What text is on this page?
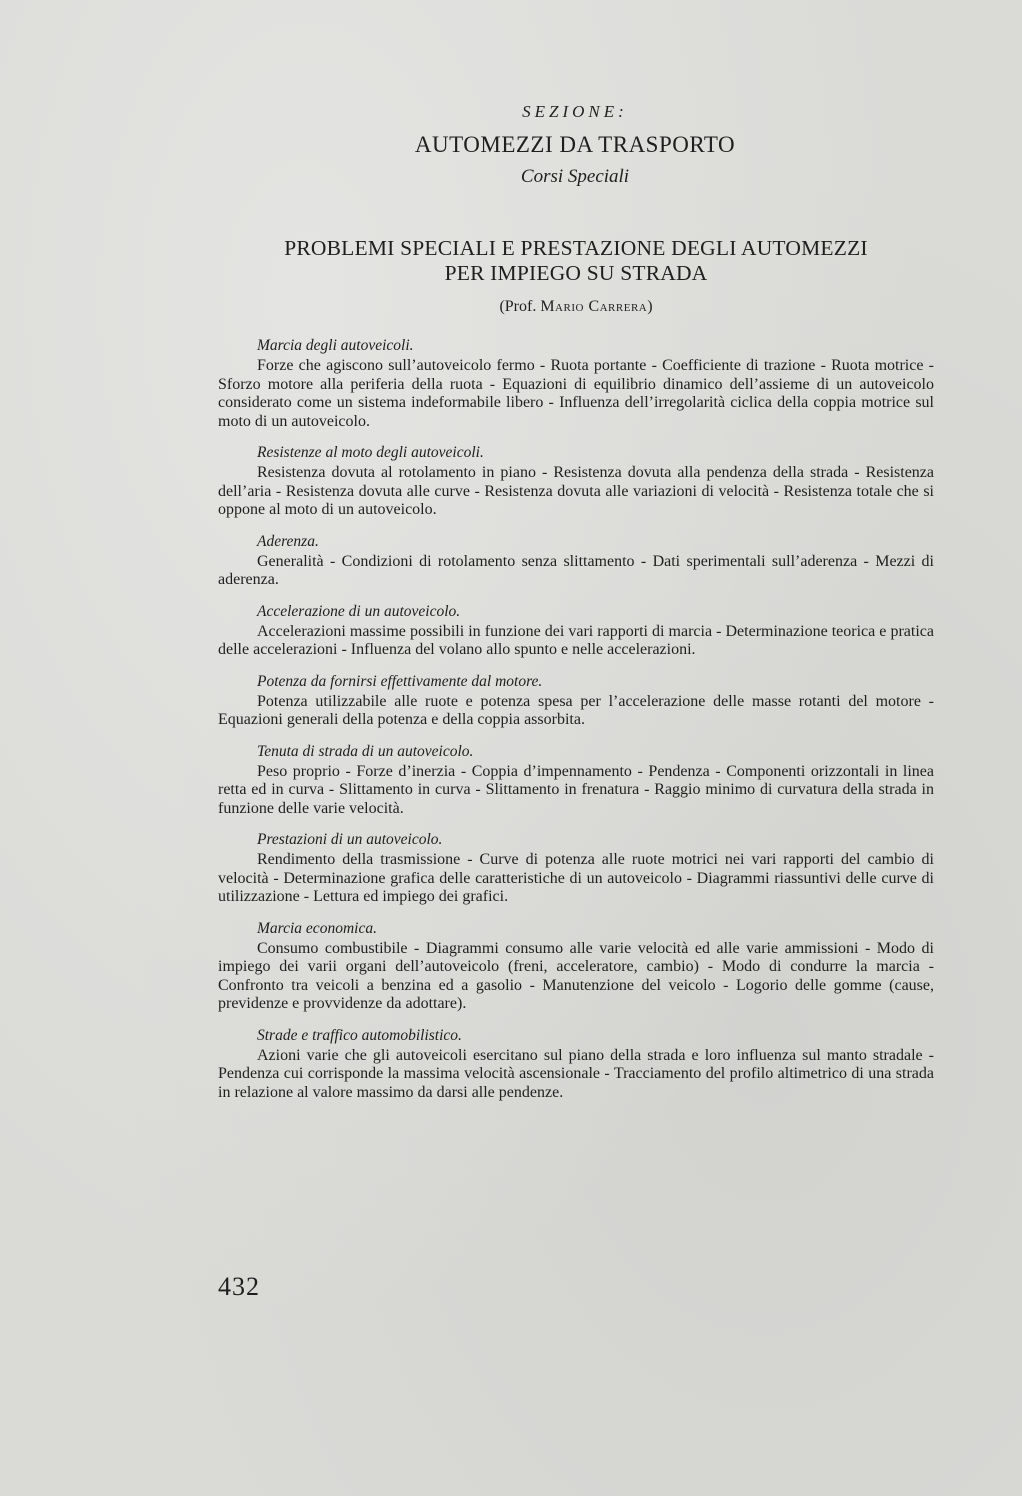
SEZIONE:
AUTOMEZZI DA TRASPORTO
Corsi Speciali
PROBLEMI SPECIALI E PRESTAZIONE DEGLI AUTOMEZZI
PER IMPIEGO SU STRADA
(Prof. Mario Carrera)
Marcia degli autoveicoli.
Forze che agiscono sull’autoveicolo fermo - Ruota portante - Coefficiente di trazione - Ruota motrice - Sforzo motore alla periferia della ruota - Equazioni di equilibrio dinamico dell’assieme di un autoveicolo considerato come un sistema indeformabile libero - Influenza dell’irregolarità ciclica della coppia motrice sul moto di un autoveicolo.
Resistenze al moto degli autoveicoli.
Resistenza dovuta al rotolamento in piano - Resistenza dovuta alla pendenza della strada - Resistenza dell’aria - Resistenza dovuta alle curve - Resistenza dovuta alle variazioni di velocità - Resistenza totale che si oppone al moto di un autoveicolo.
Aderenza.
Generalità - Condizioni di rotolamento senza slittamento - Dati sperimentali sull’aderenza - Mezzi di aderenza.
Accelerazione di un autoveicolo.
Accelerazioni massime possibili in funzione dei vari rapporti di marcia - Determinazione teorica e pratica delle accelerazioni - Influenza del volano allo spunto e nelle accelerazioni.
Potenza da fornirsi effettivamente dal motore.
Potenza utilizzabile alle ruote e potenza spesa per l’accelerazione delle masse rotanti del motore - Equazioni generali della potenza e della coppia assorbita.
Tenuta di strada di un autoveicolo.
Peso proprio - Forze d’inerzia - Coppia d’impennamento - Pendenza - Componenti orizzontali in linea retta ed in curva - Slittamento in curva - Slittamento in frenatura - Raggio minimo di curvatura della strada in funzione delle varie velocità.
Prestazioni di un autoveicolo.
Rendimento della trasmissione - Curve di potenza alle ruote motrici nei vari rapporti del cambio di velocità - Determinazione grafica delle caratteristiche di un autoveicolo - Diagrammi riassuntivi delle curve di utilizzazione - Lettura ed impiego dei grafici.
Marcia economica.
Consumo combustibile - Diagrammi consumo alle varie velocità ed alle varie ammissioni - Modo di impiego dei varii organi dell’autoveicolo (freni, acceleratore, cambio) - Modo di condurre la marcia - Confronto tra veicoli a benzina ed a gasolio - Manutenzione del veicolo - Logorio delle gomme (cause, previdenze e provvidenze da adottare).
Strade e traffico automobilistico.
Azioni varie che gli autoveicoli esercitano sul piano della strada e loro influenza sul manto stradale - Pendenza cui corrisponde la massima velocità ascensionale - Tracciamento del profilo altimetrico di una strada in relazione al valore massimo da darsi alle pendenze.
432
